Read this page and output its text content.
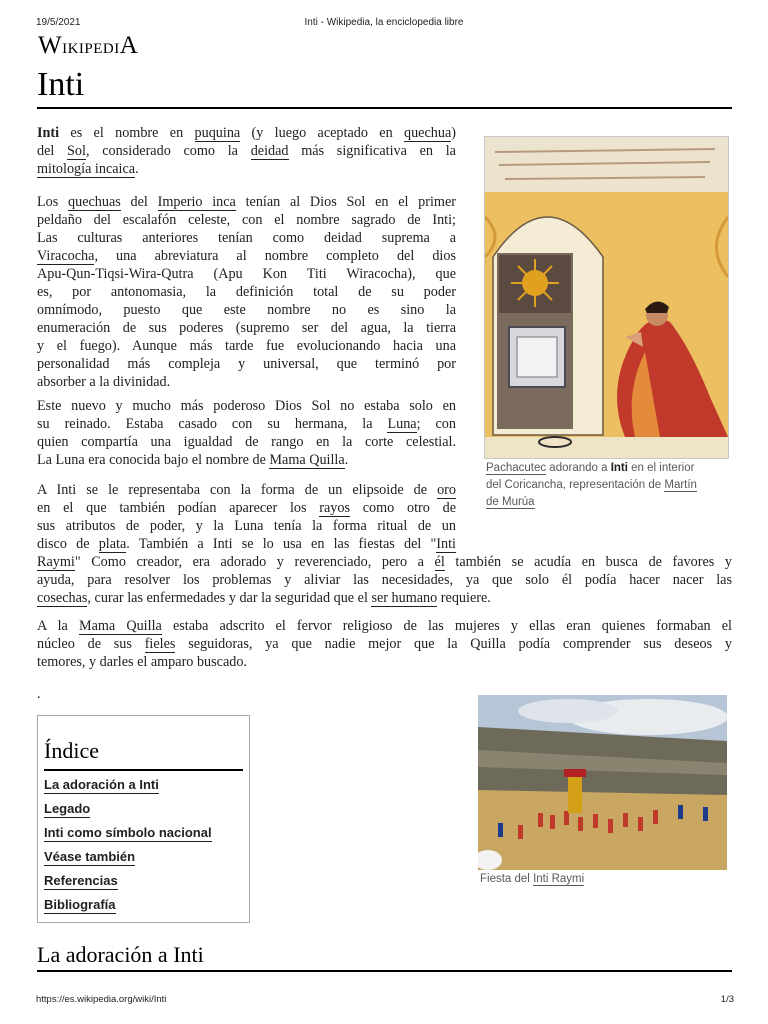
19/5/2021	Inti - Wikipedia, la enciclopedia libre
WikipediA
Inti
Inti es el nombre en puquina (y luego aceptado en quechua)
del Sol, considerado como la deidad más significativa en la
mitología incaica.
Los quechuas del Imperio inca tenían al Dios Sol en el primer
peldaño del escalafón celeste, con el nombre sagrado de Inti;
Las culturas anteriores tenían como deidad suprema a
Viracocha, una abreviatura al nombre completo del dios
Apu-Qun-Tiqsi-Wira-Qutra (Apu Kon Titi Wiracocha), que
es, por antonomasia, la definición total de su poder
omnímodo, puesto que este nombre no es sino la
enumeración de sus poderes (supremo ser del agua, la tierra
y el fuego). Aunque más tarde fue evolucionando hacia una
personalidad más compleja y universal, que terminó por
absorber a la divinidad.
Este nuevo y mucho más poderoso Dios Sol no estaba solo en
su reinado. Estaba casado con su hermana, la Luna; con
quien compartía una igualdad de rango en la corte celestial.
La Luna era conocida bajo el nombre de Mama Quilla.
A Inti se le representaba con la forma de un elipsoide de oro
en el que también podían aparecer los rayos como otro de
sus atributos de poder, y la Luna tenía la forma ritual de un
disco de plata. También a Inti se lo usa en las fiestas del "Inti
Raymi" Como creador, era adorado y reverenciado, pero a él también se acudía en busca de favores y
ayuda, para resolver los problemas y aliviar las necesidades, ya que solo él podía hacer nacer las
cosechas, curar las enfermedades y dar la seguridad que el ser humano requiere.
A la Mama Quilla estaba adscrito el fervor religioso de las mujeres y ellas eran quienes formaban el
núcleo de sus fieles seguidoras, ya que nadie mejor que la Quilla podía comprender sus deseos y
temores, y darles el amparo buscado.
.
Pachacutec adorando a Inti en el interior
del Coricancha, representación de Martín
de Murúa
Fiesta del Inti Raymi
Índice
La adoración a Inti
Legado
Inti como símbolo nacional
Véase también
Referencias
Bibliografía
La adoración a Inti
https://es.wikipedia.org/wiki/Inti	1/3
